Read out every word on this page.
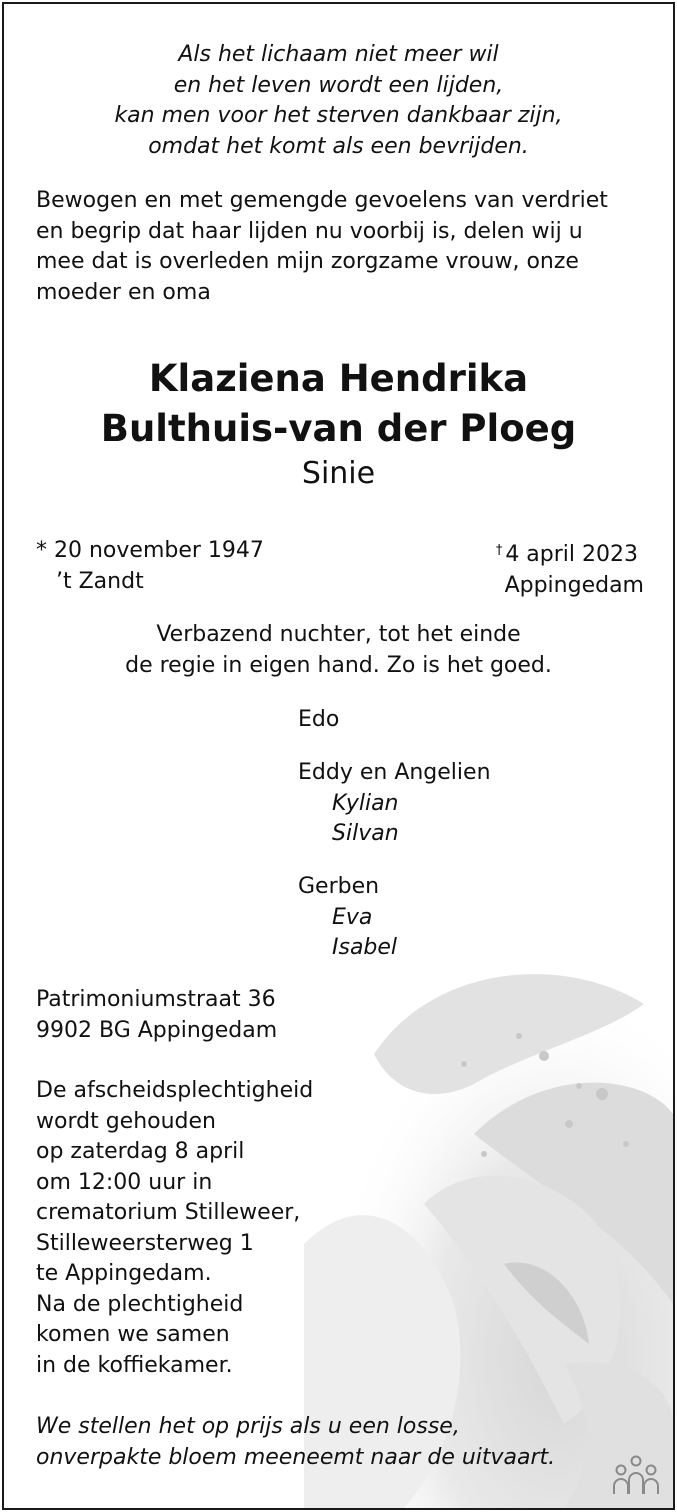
Als het lichaam niet meer wil
en het leven wordt een lijden,
kan men voor het sterven dankbaar zijn,
omdat het komt als een bevrijden.
Bewogen en met gemengde gevoelens van verdriet
en begrip dat haar lijden nu voorbij is, delen wij u
mee dat is overleden mijn zorgzame vrouw, onze
moeder en oma
Klaziena Hendrika
Bulthuis-van der Ploeg
Sinie
* 20 november 1947
’t Zandt
† 4 april 2023
Appingedam
Verbazend nuchter, tot het einde
de regie in eigen hand. Zo is het goed.
Edo
Eddy en Angelien
Kylian
Silvan
Gerben
Eva
Isabel
Patrimoniumstraat 36
9902 BG Appingedam
De afscheidsplechtigheid
wordt gehouden
op zaterdag 8 april
om 12:00 uur in
crematorium Stilleweer,
Stilleweersterweg 1
te Appingedam.
Na de plechtigheid
komen we samen
in de koffiekamer.
We stellen het op prijs als u een losse,
onverpakte bloem meeneemt naar de uitvaart.
